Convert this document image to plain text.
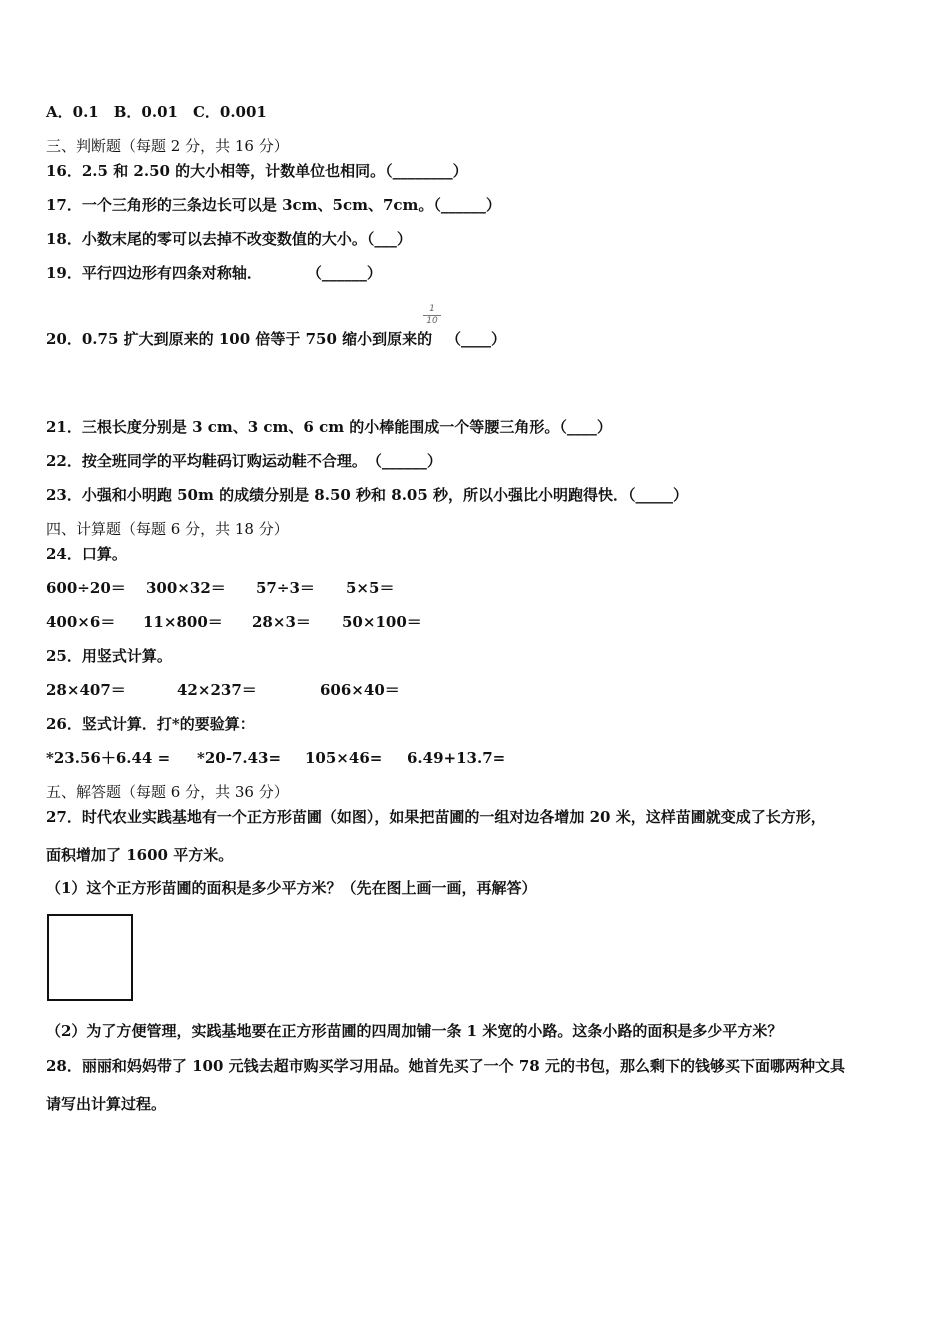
A．0.1　B．0.01　C．0.001
三、判断题（每题 2 分，共 16 分）
16．2.5 和 2.50 的大小相等，计数单位也相同。（________）
17．一个三角形的三条边长可以是 3cm、5cm、7cm。（______）
18．小数末尾的零可以去掉不改变数值的大小。（___）
19．平行四边形有四条对称轴．　　　　（______）
20．0.75 扩大到原来的 100 倍等于 750 缩小到原来的
$\frac{1}{10}$
（____）
21．三根长度分别是 3 cm、3 cm、6 cm 的小棒能围成一个等腰三角形。（____）
22．按全班同学的平均鞋码订购运动鞋不合理。　（______）
23．小强和小明跑 50m 的成绩分别是 8.50 秒和 8.05 秒，所以小强比小明跑得快．（_____）
四、计算题（每题 6 分，共 18 分）
24．口算。
600÷20＝ 300×32＝ 57÷3＝ 5×5＝
400×6＝ 11×800＝ 28×3＝ 50×100＝
25．用竖式计算。
28×407＝	42×237＝	606×40＝
26．竖式计算．打*的要验算：
*23.56＋6.44 = *20-7.43= 105×46= 6.49+13.7=
五、解答题（每题 6 分，共 36 分）
27．时代农业实践基地有一个正方形苗圃（如图），如果把苗圃的一组对边各增加 20 米，这样苗圃就变成了长方形，
面积增加了 1600 平方米。
（1）这个正方形苗圃的面积是多少平方米？（先在图上画一画，再解答）
（2）为了方便管理，实践基地要在正方形苗圃的四周加铺一条 1 米宽的小路。这条小路的面积是多少平方米？
28．丽丽和妈妈带了 100 元钱去超市购买学习用品。她首先买了一个 78 元的书包，那么剩下的钱够买下面哪两种文具
请写出计算过程。
